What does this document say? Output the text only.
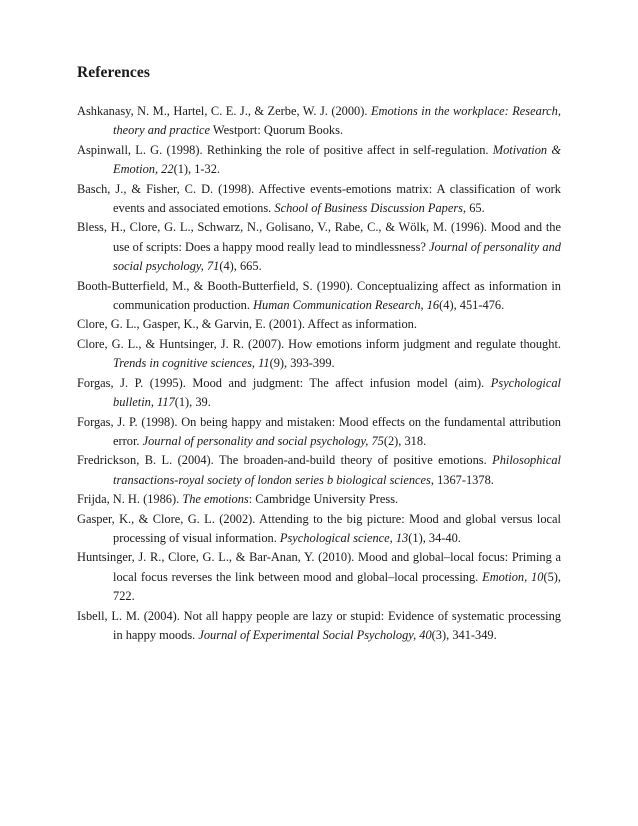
References
Ashkanasy, N. M., Hartel, C. E. J., & Zerbe, W. J. (2000). Emotions in the workplace: Research, theory and practice Westport: Quorum Books.
Aspinwall, L. G. (1998). Rethinking the role of positive affect in self-regulation. Motivation & Emotion, 22(1), 1-32.
Basch, J., & Fisher, C. D. (1998). Affective events-emotions matrix: A classification of work events and associated emotions. School of Business Discussion Papers, 65.
Bless, H., Clore, G. L., Schwarz, N., Golisano, V., Rabe, C., & Wölk, M. (1996). Mood and the use of scripts: Does a happy mood really lead to mindlessness? Journal of personality and social psychology, 71(4), 665.
Booth-Butterfield, M., & Booth-Butterfield, S. (1990). Conceptualizing affect as information in communication production. Human Communication Research, 16(4), 451-476.
Clore, G. L., Gasper, K., & Garvin, E. (2001). Affect as information.
Clore, G. L., & Huntsinger, J. R. (2007). How emotions inform judgment and regulate thought. Trends in cognitive sciences, 11(9), 393-399.
Forgas, J. P. (1995). Mood and judgment: The affect infusion model (aim). Psychological bulletin, 117(1), 39.
Forgas, J. P. (1998). On being happy and mistaken: Mood effects on the fundamental attribution error. Journal of personality and social psychology, 75(2), 318.
Fredrickson, B. L. (2004). The broaden-and-build theory of positive emotions. Philosophical transactions-royal society of london series b biological sciences, 1367-1378.
Frijda, N. H. (1986). The emotions: Cambridge University Press.
Gasper, K., & Clore, G. L. (2002). Attending to the big picture: Mood and global versus local processing of visual information. Psychological science, 13(1), 34-40.
Huntsinger, J. R., Clore, G. L., & Bar-Anan, Y. (2010). Mood and global–local focus: Priming a local focus reverses the link between mood and global–local processing. Emotion, 10(5), 722.
Isbell, L. M. (2004). Not all happy people are lazy or stupid: Evidence of systematic processing in happy moods. Journal of Experimental Social Psychology, 40(3), 341-349.
